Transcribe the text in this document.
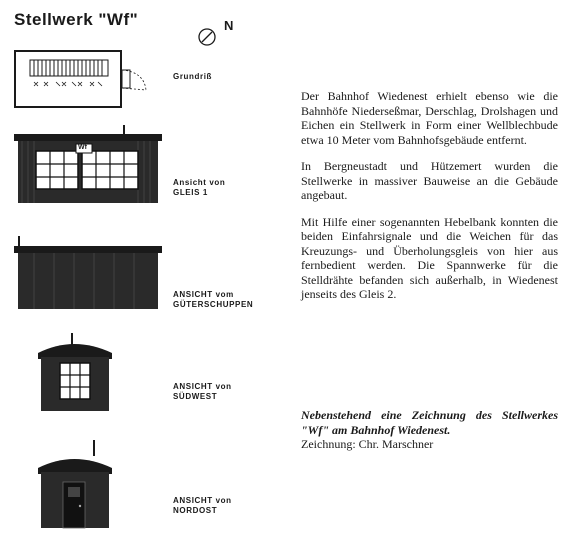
Stellwerk "Wf"	N
Grundriß
Wf
Ansicht von
GLEIS 1
ANSICHT vom
GÜTERSCHUPPEN
ANSICHT von
SÜDWEST
ANSICHT von
NORDOST

Der Bahnhof Wiedenest erhielt ebenso wie die Bahnhöfe Niederseßmar, Derschlag, Drolshagen und Eichen ein Stellwerk in Form einer Wellblechbude etwa 10 Meter vom Bahnhofsgebäude entfernt.

In Bergneustadt und Hützemert wurden die Stellwerke in massiver Bauweise an die Gebäude angebaut.

Mit Hilfe einer sogenannten Hebelbank konnten die beiden Einfahrsignale und die Weichen für das Kreuzungs- und Überholungsgleis von hier aus fernbedient werden. Die Spannwerke für die Stelldrähte befanden sich außerhalb, in Wiedenest jenseits des Gleis 2.

Nebenstehend eine Zeichnung des Stellwerkes "Wf" am Bahnhof Wiedenest.
Zeichnung: Chr. Marschner
